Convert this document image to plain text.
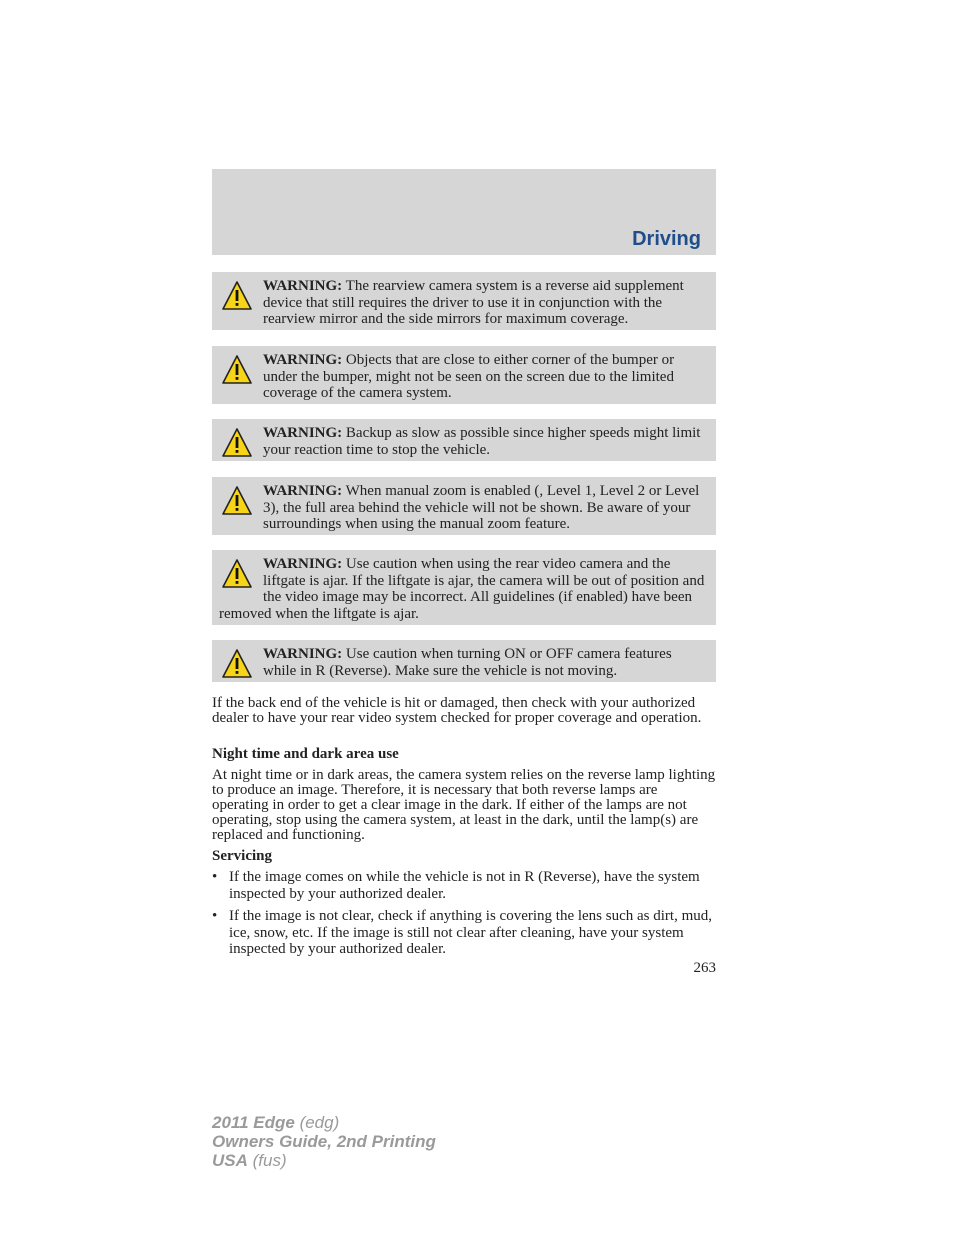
Driving
WARNING: The rearview camera system is a reverse aid supplement device that still requires the driver to use it in conjunction with the rearview mirror and the side mirrors for maximum coverage.
WARNING: Objects that are close to either corner of the bumper or under the bumper, might not be seen on the screen due to the limited coverage of the camera system.
WARNING: Backup as slow as possible since higher speeds might limit your reaction time to stop the vehicle.
WARNING: When manual zoom is enabled (, Level 1, Level 2 or Level 3), the full area behind the vehicle will not be shown. Be aware of your surroundings when using the manual zoom feature.
WARNING: Use caution when using the rear video camera and the liftgate is ajar. If the liftgate is ajar, the camera will be out of position and the video image may be incorrect. All guidelines (if enabled) have been removed when the liftgate is ajar.
WARNING: Use caution when turning ON or OFF camera features while in R (Reverse). Make sure the vehicle is not moving.

If the back end of the vehicle is hit or damaged, then check with your authorized dealer to have your rear video system checked for proper coverage and operation.

Night time and dark area use

At night time or in dark areas, the camera system relies on the reverse lamp lighting to produce an image. Therefore, it is necessary that both reverse lamps are operating in order to get a clear image in the dark. If either of the lamps are not operating, stop using the camera system, at least in the dark, until the lamp(s) are replaced and functioning.

Servicing
• If the image comes on while the vehicle is not in R (Reverse), have the system inspected by your authorized dealer.
• If the image is not clear, check if anything is covering the lens such as dirt, mud, ice, snow, etc. If the image is still not clear after cleaning, have your system inspected by your authorized dealer.
263
2011 Edge (edg)
Owners Guide, 2nd Printing
USA (fus)
